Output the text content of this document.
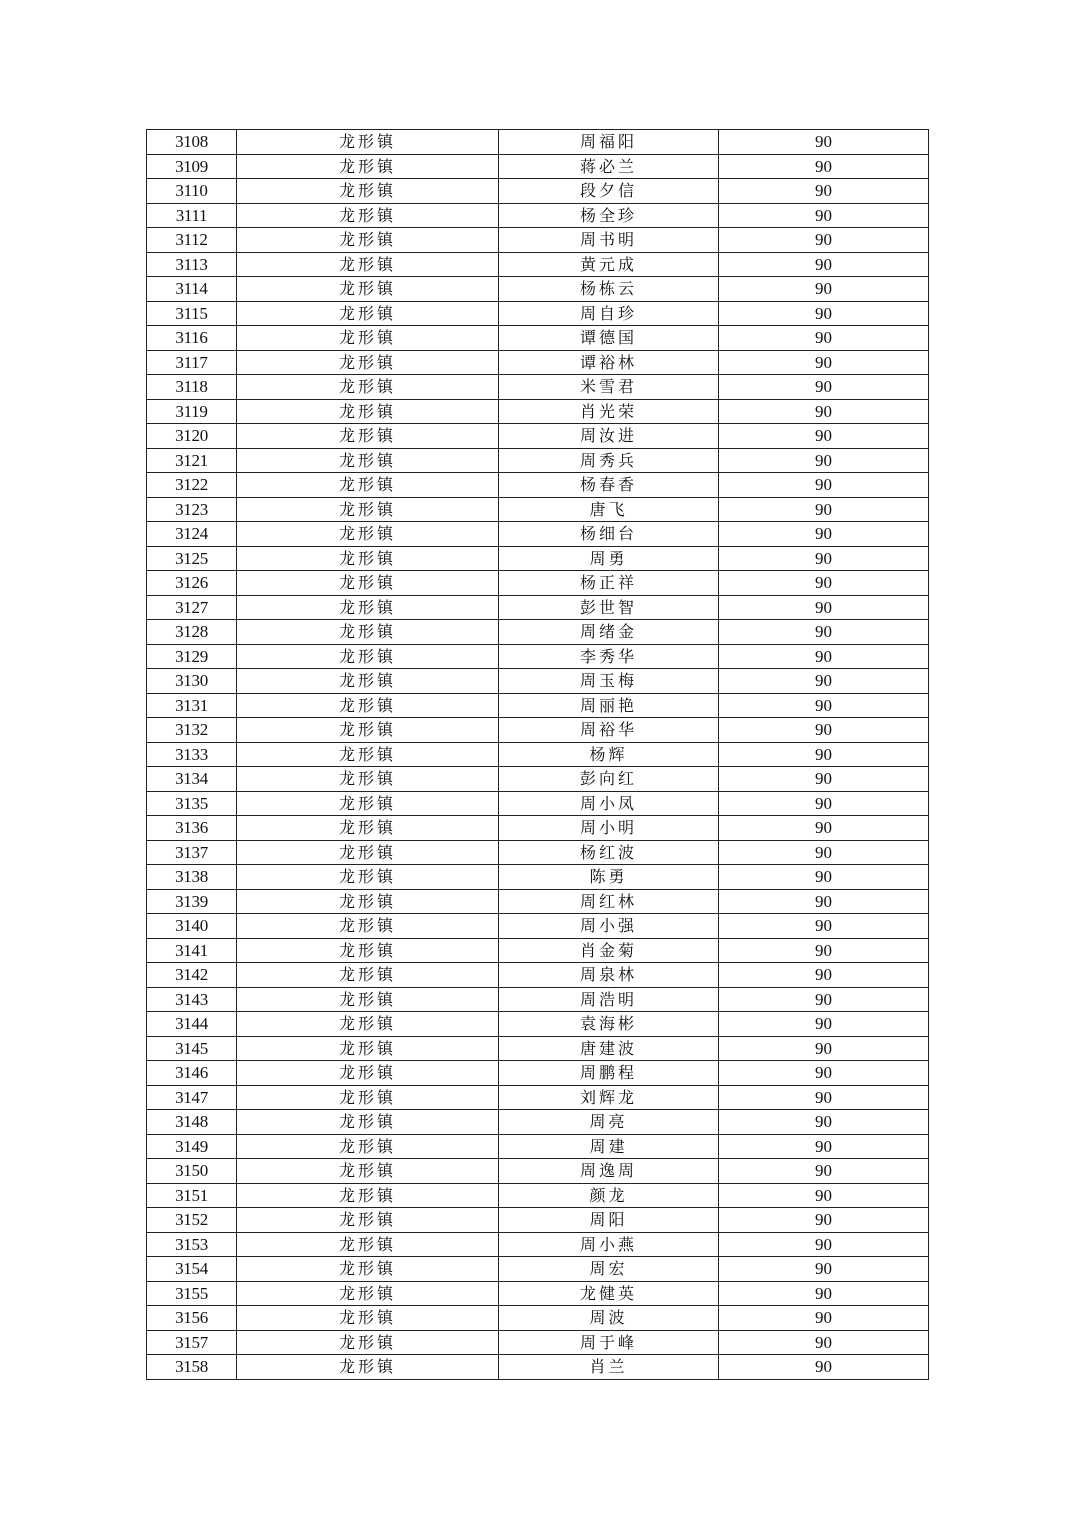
3108	龙形镇	周福阳	90
3109	龙形镇	蒋必兰	90
3110	龙形镇	段夕信	90
3111	龙形镇	杨全珍	90
3112	龙形镇	周书明	90
3113	龙形镇	黄元成	90
3114	龙形镇	杨栋云	90
3115	龙形镇	周自珍	90
3116	龙形镇	谭德国	90
3117	龙形镇	谭裕林	90
3118	龙形镇	米雪君	90
3119	龙形镇	肖光荣	90
3120	龙形镇	周汝进	90
3121	龙形镇	周秀兵	90
3122	龙形镇	杨春香	90
3123	龙形镇	唐飞	90
3124	龙形镇	杨细台	90
3125	龙形镇	周勇	90
3126	龙形镇	杨正祥	90
3127	龙形镇	彭世智	90
3128	龙形镇	周绪金	90
3129	龙形镇	李秀华	90
3130	龙形镇	周玉梅	90
3131	龙形镇	周丽艳	90
3132	龙形镇	周裕华	90
3133	龙形镇	杨辉	90
3134	龙形镇	彭向红	90
3135	龙形镇	周小凤	90
3136	龙形镇	周小明	90
3137	龙形镇	杨红波	90
3138	龙形镇	陈勇	90
3139	龙形镇	周红林	90
3140	龙形镇	周小强	90
3141	龙形镇	肖金菊	90
3142	龙形镇	周泉林	90
3143	龙形镇	周浩明	90
3144	龙形镇	袁海彬	90
3145	龙形镇	唐建波	90
3146	龙形镇	周鹏程	90
3147	龙形镇	刘辉龙	90
3148	龙形镇	周亮	90
3149	龙形镇	周建	90
3150	龙形镇	周逸周	90
3151	龙形镇	颜龙	90
3152	龙形镇	周阳	90
3153	龙形镇	周小燕	90
3154	龙形镇	周宏	90
3155	龙形镇	龙健英	90
3156	龙形镇	周波	90
3157	龙形镇	周于峰	90
3158	龙形镇	肖兰	90
